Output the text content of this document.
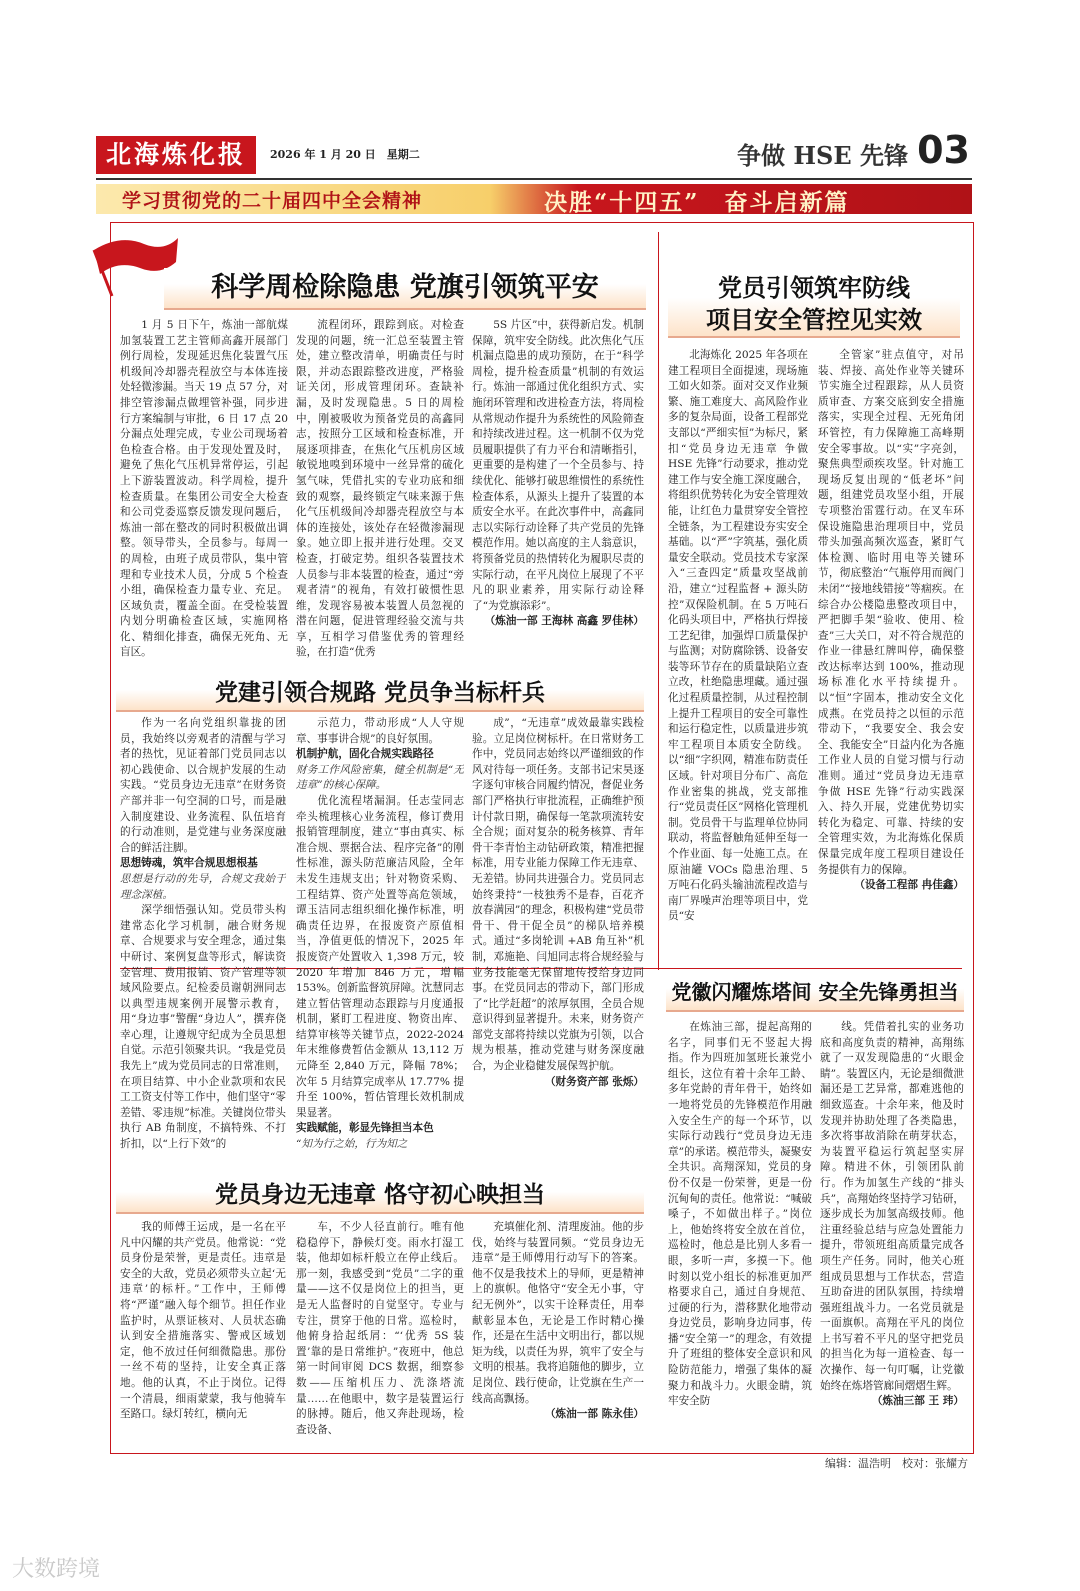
北海炼化报	2026 年 1 月 20 日　星期二	争做 HSE 先锋 03
学习贯彻党的二十届四中全会精神	决胜“十四五”　奋斗启新篇
科学周检除隐患 党旗引领筑平安

1 月 5 日下午，炼油一部航煤加氢装置工艺主管师高鑫开展部门例行周检，发现延迟焦化装置气压机级间冷却器壳程放空与本体连接处轻微渗漏。当天 19 点 57 分，对排空管渗漏点做埋管补强，同步进行方案编制与审批，6 日 17 点 20 分漏点处理完成，专业公司现场着色检查合格。由于发现处置及时，避免了焦化气压机异常停运，引起上下游装置波动。科学周检，提升检查质量。在集团公司安全大检查和公司党委巡察反馈发现问题后，炼油一部在整改的同时积极做出调整。领导带头，全员参与。每周一的周检，由班子成员带队，集中管理和专业技术人员，分成 5 个检查小组，确保检查力量专业、充足。区域负责，覆盖全面。在受检装置内划分明确检查区域，实施网格化、精细化排查，确保无死角、无盲区。

流程闭环，跟踪到底。对检查发现的问题，统一汇总至装置主管处，建立整改清单，明确责任与时限，并动态跟踪整改进度，严格验证关闭，形成管理闭环。查缺补漏，及时发现隐患。5 日的周检中，刚被吸收为预备党员的高鑫同志，按照分工区域和检查标准，开展逐项排查，在焦化气压机房区域敏锐地嗅到环境中一丝异常的硫化氢气味，凭借扎实的专业功底和细致的观察，最终锁定气味来源于焦化气压机级间冷却器壳程放空与本体的连接处，该处存在轻微渗漏现象。她立即上报并进行处理。交叉检查，打破定势。组织各装置技术人员参与非本装置的检查，通过“旁观者清”的视角，有效打破惯性思维，发现容易被本装置人员忽视的潜在问题，促进管理经验交流与共享，互相学习借鉴优秀的管理经验，在打造“优秀

5S 片区”中，获得新启发。机制保障，筑牢安全防线。此次焦化气压机漏点隐患的成功预防，在于“科学周检，提升检查质量”机制的有效运行。炼油一部通过优化组织方式、实施闭环管理和改进检查方法，将周检从常规动作提升为系统性的风险筛查和持续改进过程。这一机制不仅为党员履职提供了有力平台和清晰指引，更重要的是构建了一个全员参与、持续优化、能够打破思维惯性的系统性检查体系，从源头上提升了装置的本质安全水平。在此次事件中，高鑫同志以实际行动诠释了共产党员的先锋模范作用。她以高度的主人翁意识，将预备党员的热情转化为履职尽责的实际行动，在平凡岗位上展现了不平凡的职业素养，用实际行动诠释了“为党旗添彩”。

（炼油一部 王海林 高鑫 罗佳林）
党员引领筑牢防线
项目安全管控见实效

北海炼化 2025 年各项在建工程项目全面提速，现场施工如火如荼。面对交叉作业频繁、施工难度大、高风险作业多的复杂局面，设备工程部党支部以“严细实恒”为标尺，紧扣“党员身边无违章 争做 HSE 先锋”行动要求，推动党建工作与安全施工深度融合，将组织优势转化为安全管理效能，让红色力量贯穿安全管控全链条，为工程建设夯实安全基础。以“严”字筑基，强化质量安全联动。党员技术专家深入“三查四定”质量攻坚战前沿，建立“过程监督 + 源头防控”双保险机制。在 5 万吨石化码头项目中，严格执行焊接工艺纪律，加强焊口质量保护与监测；对防腐除锈、设备安装等环节存在的质量缺陷立查立改，杜绝隐患埋藏。通过强化过程质量控制，从过程控制上提升工程项目的安全可靠性和运行稳定性，以质量进步筑牢工程项目本质安全防线。以“细”字织网，精准布防责任区域。针对项目分布广、高危作业密集的挑战，党支部推行“党员责任区”网格化管理机制。党员骨干与监理单位协同联动，将监督触角延伸至每一个作业面、每一处施工点。在原油罐 VOCs 隐患治理、5 万吨石化码头输油流程改造与南厂界噪声治理等项目中，党员“安

全管家”驻点值守，对吊装、焊接、高处作业等关键环节实施全过程跟踪，从人员资质审查、方案交底到安全措施落实，实现全过程、无死角闭环管控，有力保障施工高峰期安全零事故。以“实”字亮剑，聚焦典型顽疾攻坚。针对施工现场反复出现的“低老坏”问题，组建党员攻坚小组，开展专项整治雷霆行动。在叉车环保设施隐患治理项目中，党员带头加强高频次巡查，紧盯气体检测、临时用电等关键环节，彻底整治“气瓶停用而阀门未闭”“接地线错接”等痼疾。在综合办公楼隐患整改项目中，严把脚手架“验收、使用、检查”三大关口，对不符合规范的作业一律悬红牌叫停，确保整改达标率达到 100%，推动现场标准化水平持续提升。以“恒”字固本，推动安全文化成燕。在党员持之以恒的示范带动下，“我要安全、我会安全、我能安全”日益内化为各施工作业人员的自觉习惯与行动准则。通过“党员身边无违章 争做 HSE 先锋”行动实践深入、持久开展，党建优势切实转化为稳定、可靠、持续的安全管理实效，为北海炼化保质保量完成年度工程项目建设任务提供有力的保障。

（设备工程部 冉佳鑫）
党建引领合规路 党员争当标杆兵

作为一名向党组织靠拢的团员，我始终以旁观者的清醒与学习者的热忱，见证着部门党员同志以初心践使命、以合规护发展的生动实践。“党员身边无违章”在财务资产部并非一句空洞的口号，而是融入制度建设、业务流程、队伍培育的行动准则，是党建与业务深度融合的鲜活注脚。

思想铸魂，筑牢合规思想根基
思想是行动的先导，合规文我始于理念深植。

深学细悟强认知。党员带头构建常态化学习机制，融合财务规章、合规要求与安全理念，通过集中研讨、案例复盘等形式，解读资金管理、费用报销、资产管理等领域风险要点。纪检委员谢朝洲同志以典型违规案例开展警示教育，用“身边事”警醒“身边人”，撰弃侥幸心理，让遵规守纪成为全员思想自觉。示范引领聚共识。“我是党员我先上”成为党员同志的日常准则，在项目结算、中小企业款项和农民工工资支付等工作中，他们坚守“零差错、零违规”标准。关键岗位带头执行 AB 角制度，不搞特殊、不打折扣，以“上行下效”的

示范力，带动形成“人人守规章、事事讲合规”的良好氛围。

机制护航，固化合规实践路径
财务工作风险密集，健全机制是“无违章”的核心保障。

优化流程堵漏洞。任志莹同志牵头梳理核心业务流程，修订费用报销管理制度，建立“事由真实、标准合规、票据合法、程序完备”的刚性标准，源头防范廉洁风险，全年未发生违规支出；针对物资采购、工程结算、资产处置等高危领域，谭玉洁同志组织细化操作标准，明确责任边界，在报废资产原值相当，净值更低的情况下，2025 年报废资产处置收入 1,398 万元，较 2020 年增加 846 万元，增幅 153%。创新监督筑屏障。沈慧同志建立暂估管理动态跟踪与月度通报机制，紧盯工程进度、物资出库、结算审核等关键节点，2022-2024 年末维修费暂估金额从 13,112 万元降至 2,840 万元，降幅 78%；次年 5 月结算完成率从 17.77% 提升至 100%，暂估管理长效机制成果显著。

实践赋能，彰显先锋担当本色
“知为行之始，行为知之

成”，“无违章”成效最靠实践检验。立足岗位树标杆。在日常财务工作中，党员同志始终以严谨细致的作风对待每一项任务。支部书记宋昊逐字逐句审核合同履约情况，督促业务部门严格执行审批流程，正确维护预计付款日期，确保每一笔款项流转安全合规；面对复杂的税务核算、青年骨干李青怡主动钻研政策，精准把握标准，用专业能力保障工作无违章、无差错。协同共进强合力。党员同志始终秉持“一枝独秀不是春，百花齐放春满园”的理念，积极构建“党员带骨干、骨干促全员”的梯队培养模式。通过“多岗轮训 +AB 角互补”机制，邓施艳、闫旭同志将合规经验与业务技能毫无保留地传授给身边同事。在党员同志的带动下，部门形成了“比学赶超”的浓厚氛围，全员合规意识得到显著提升。未来，财务资产部党支部将持续以党旗为引领，以合规为根基，推动党建与财务深度融合，为企业稳健发展保驾护航。

（财务资产部 张烁）
党徽闪耀炼塔间 安全先锋勇担当

在炼油三部，提起高翔的名字，同事们无不竖起大拇指。作为四班加氢班长兼党小组长，这位有着十余年工龄、多年党龄的青年骨干，始终如一地将党员的先锋模范作用融入安全生产的每一个环节，以实际行动践行“党员身边无违章”的承诺。模范带头，凝聚安全共识。高翔深知，党员的身份不仅是一份荣誉，更是一份沉甸甸的责任。他常说：“喊破嗓子，不如做出样子。”岗位上，他始终将安全放在首位，巡检时，他总是比别人多看一眼，多听一声，多摸一下。他时刻以党小组长的标准更加严格要求自己，通过自身规范、过硬的行为，潜移默化地带动身边党员，影响身边同事，传播“安全第一”的理念，有效提升了班组的整体安全意识和风险防范能力，增强了集体的凝聚力和战斗力。火眼金睛，筑牢安全防

线。凭借着扎实的业务功底和高度负责的精神，高翔练就了一双发现隐患的“火眼金睛”。装置区内，无论是细微泄漏还是工艺异常，都难逃他的细致巡查。十余年来，他及时发现并协助处理了各类隐患，多次将事故消除在萌芽状态，为装置平稳运行筑起坚实屏障。精进不休，引领团队前行。作为加氢生产线的“排头兵”，高翔始终坚持学习钻研，逐步成长为加氢高级技师。他注重经验总结与应急处置能力提升，带领班组高质量完成各项生产任务。同时，他关心班组成员思想与工作状态，营造互助奋进的团队氛围，持续增强班组战斗力。一名党员就是一面旗帜。高翔在平凡的岗位上书写着不平凡的坚守把党员的担当化为每一道检查、每一次操作、每一句叮嘱，让党徽始终在炼塔管廊间熠熠生辉。

（炼油三部 王 玮）
党员身边无违章 恪守初心映担当

我的师傅王运成，是一名在平凡中闪耀的共产党员。他常说：“党员身份是荣誉，更是责任。违章是安全的大敌，党员必须带头立起‘无违章’的标杆。”工作中，王师傅将“严谨”融入每个细节。担任作业监护时，从票证核对、人员状态确认到安全措施落实、警戒区域划定，他不放过任何细微隐患。那份一丝不苟的坚持，让安全真正落地。他的认真，不止于岗位。记得一个清晨，细雨蒙蒙，我与他骑车至路口。绿灯转红，横向无

车，不少人径直前行。唯有他稳稳停下，静候灯变。雨水打湿工装，他却如标杆般立在停止线后。那一刻，我感受到“党员”二字的重量——这不仅是岗位上的担当，更是无人监督时的自觉坚守。专业与专注，贯穿于他的日常。巡检时，他俯身拾起纸屑：“‘优秀 5S 装置’靠的是日常维护。”夜班中，他总第一时间审阅 DCS 数据，细察参数——压缩机压力、洗涤塔流量……在他眼中，数字是装置运行的脉搏。随后，他又奔赴现场，检查设备、

充填催化剂、清理废油。他的步伐，始终与装置同频。“党员身边无违章”是王师傅用行动写下的答案。他不仅是我技术上的导师，更是精神上的旗帜。他恪守“安全无小事，守纪无例外”，以实干诠释责任，用奉献彰显本色，无论是工作时精心操作，还是在生活中文明出行，都以规矩为线，以责任为界，筑牢了安全与文明的根基。我将追随他的脚步，立足岗位、践行使命，让党旗在生产一线高高飘扬。

（炼油一部 陈永佳）
编辑：温浩明　校对：张耀方
大数跨境
